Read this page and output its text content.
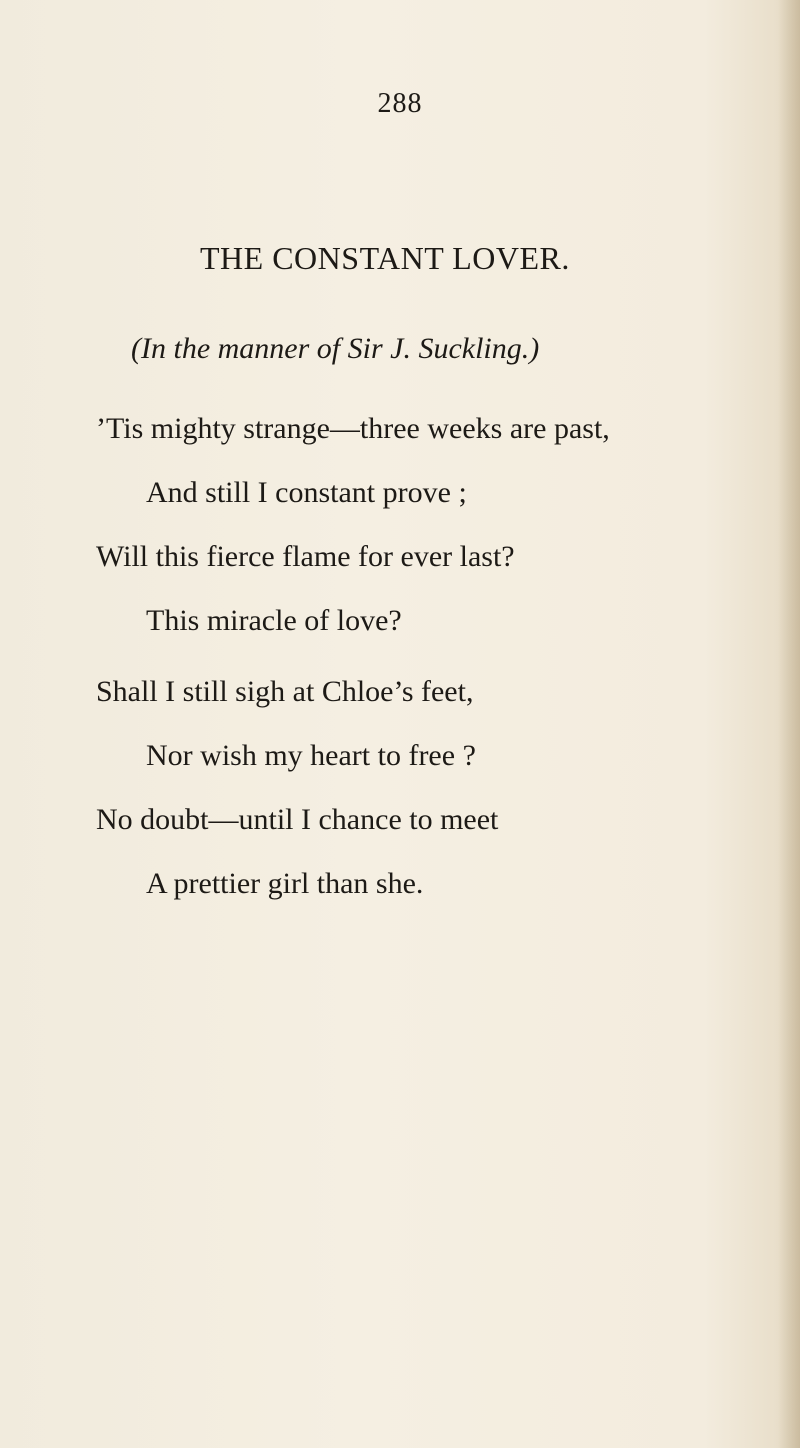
288
THE CONSTANT LOVER.
(In the manner of Sir J. Suckling.)
’Tis mighty strange—three weeks are past,
And still I constant prove ;
Will this fierce flame for ever last?
This miracle of love?
Shall I still sigh at Chloe’s feet,
Nor wish my heart to free ?
No doubt—until I chance to meet
A prettier girl than she.
